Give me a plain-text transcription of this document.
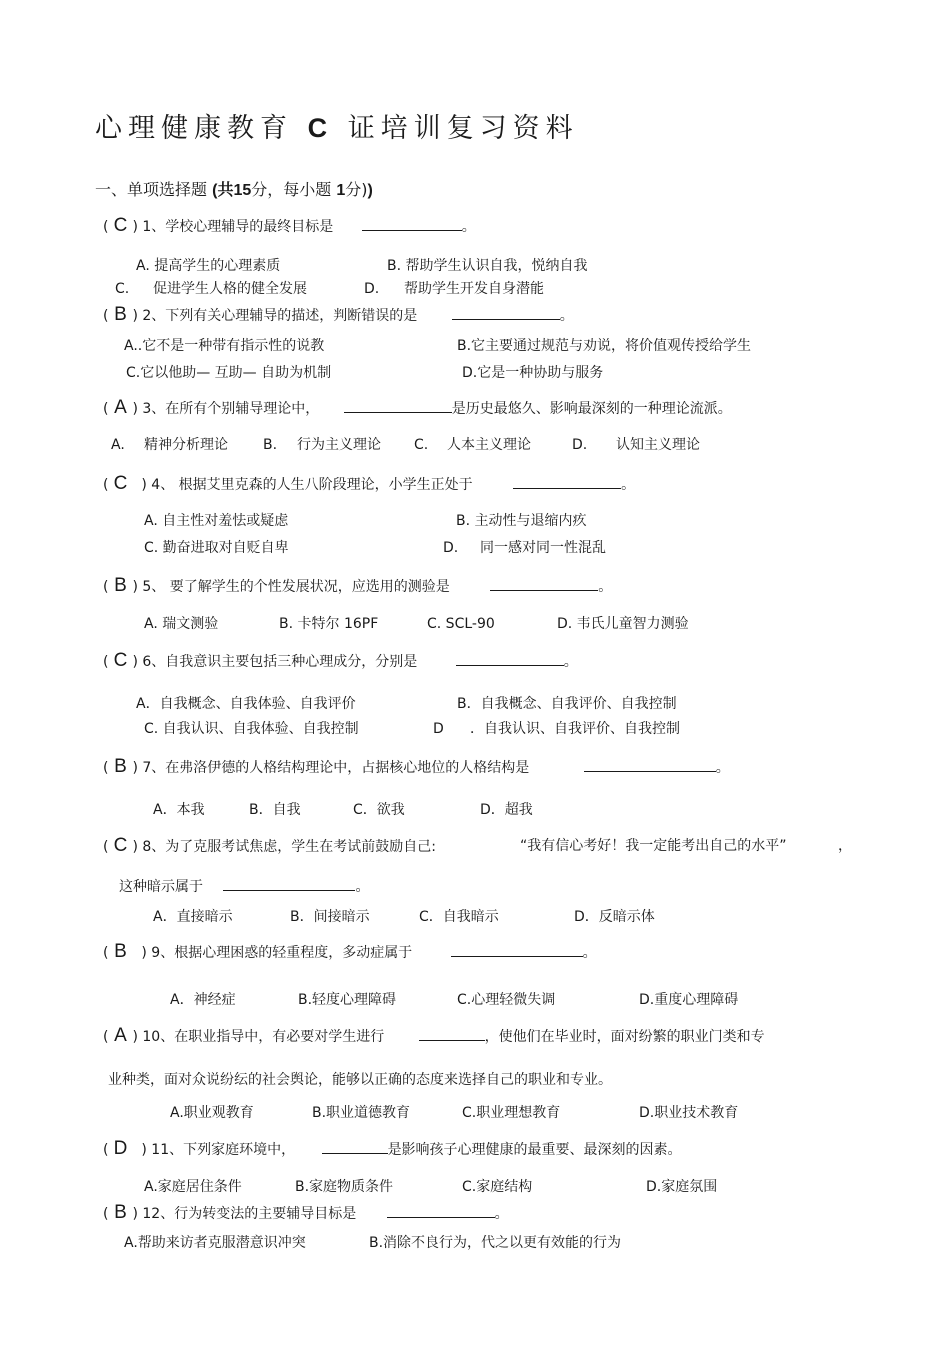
心理健康教育 C 证培训复习资料
一、单项选择题 (共15分，每小题 1分))
( C ) 1、学校心理辅导的最终目标是	。
A. 提高学生的心理素质	B. 帮助学生认识自我，悦纳自我
C. 促进学生人格的健全发展	D. 帮助学生开发自身潜能
( B ) 2、下列有关心理辅导的描述，判断错误的是	。
A..它不是一种带有指示性的说教	B.它主要通过规范与劝说，将价值观传授给学生
C.它以他助— 互助— 自助为机制	D.它是一种协助与服务
( A ) 3、在所有个别辅导理论中，	是历史最悠久、影响最深刻的一种理论流派。
A. 精神分析理论	B. 行为主义理论 C. 人本主义理论	D. 认知主义理论
( C  ) 4、 根据艾里克森的人生八阶段理论，小学生正处于	。
A. 自主性对羞怯或疑虑	B. 主动性与退缩内疚
C. 勤奋进取对自贬自卑	D. 同一感对同一性混乱
( B ) 5、 要了解学生的个性发展状况，应选用的测验是	。
A. 瑞文测验	B. 卡特尔 16PF	C. SCL-90	D. 韦氏儿童智力测验
( C ) 6、自我意识主要包括三种心理成分，分别是	。
A．自我概念、自我体验、自我评价	B．自我概念、自我评价、自我控制
C. 自我认识、自我体验、自我控制	D ．自我认识、自我评价、自我控制
( B ) 7、在弗洛伊德的人格结构理论中，占据核心地位的人格结构是	。
A．本我	B．自我	C．欲我	D．超我
( C ) 8、为了克服考试焦虑，学生在考试前鼓励自己:	“我有信心考好！我一定能考出自己的水平”	，
这种暗示属于	。
A．直接暗示	B．间接暗示	C．自我暗示	D．反暗示体
( B  ) 9、根据心理困惑的轻重程度，多动症属于	。
A．神经症	B.轻度心理障碍	C.心理轻微失调	D.重度心理障碍
( A ) 10、在职业指导中，有必要对学生进行	，使他们在毕业时，面对纷繁的职业门类和专
业种类，面对众说纷纭的社会舆论，能够以正确的态度来选择自己的职业和专业。
A.职业观教育	B.职业道德教育	C.职业理想教育	D.职业技术教育
( D  ) 11、下列家庭环境中，	是影响孩子心理健康的最重要、最深刻的因素。
A.家庭居住条件	B.家庭物质条件	C.家庭结构	D.家庭氛围
( B ) 12、行为转变法的主要辅导目标是	。
A.帮助来访者克服潜意识冲突	B.消除不良行为，代之以更有效能的行为
